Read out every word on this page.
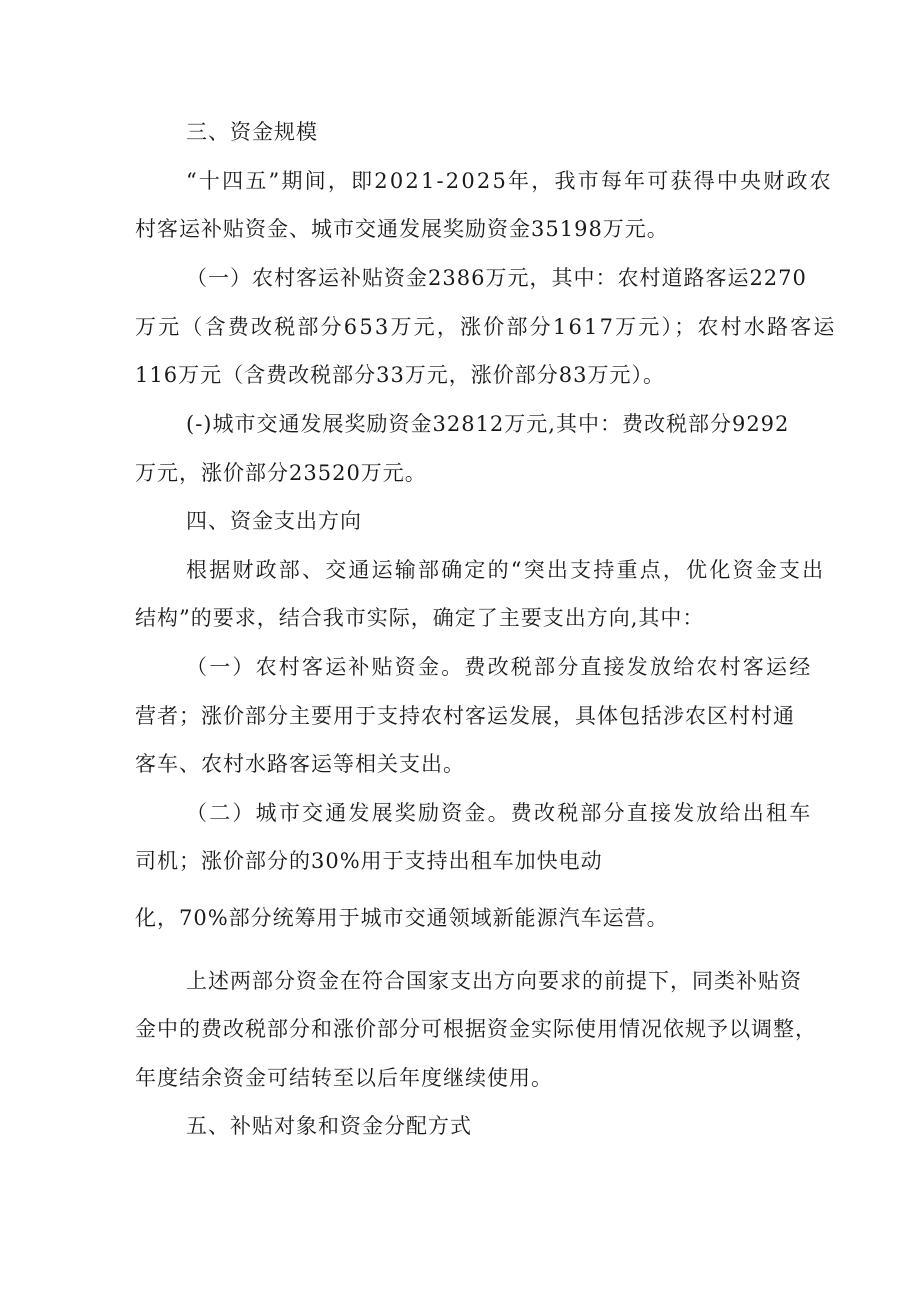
三、资金规模
“十四五”期间，即2021-2025年，我市每年可获得中央财政农
村客运补贴资金、城市交通发展奖励资金35198万元。
（一）农村客运补贴资金2386万元，其中：农村道路客运2270
万元（含费改税部分653万元，涨价部分1617万元）；农村水路客运
116万元（含费改税部分33万元，涨价部分83万元）。
(-)城市交通发展奖励资金32812万元,其中：费改税部分9292
万元，涨价部分23520万元。
四、资金支出方向
根据财政部、交通运输部确定的“突出支持重点，优化资金支出
结构”的要求，结合我市实际，确定了主要支出方向,其中：
（一）农村客运补贴资金。费改税部分直接发放给农村客运经
营者；涨价部分主要用于支持农村客运发展，具体包括涉农区村村通
客车、农村水路客运等相关支出。
（二）城市交通发展奖励资金。费改税部分直接发放给出租车
司机；涨价部分的30%用于支持出租车加快电动
化，70%部分统筹用于城市交通领域新能源汽车运营。
上述两部分资金在符合国家支出方向要求的前提下，同类补贴资
金中的费改税部分和涨价部分可根据资金实际使用情况依规予以调整，
年度结余资金可结转至以后年度继续使用。
五、补贴对象和资金分配方式
